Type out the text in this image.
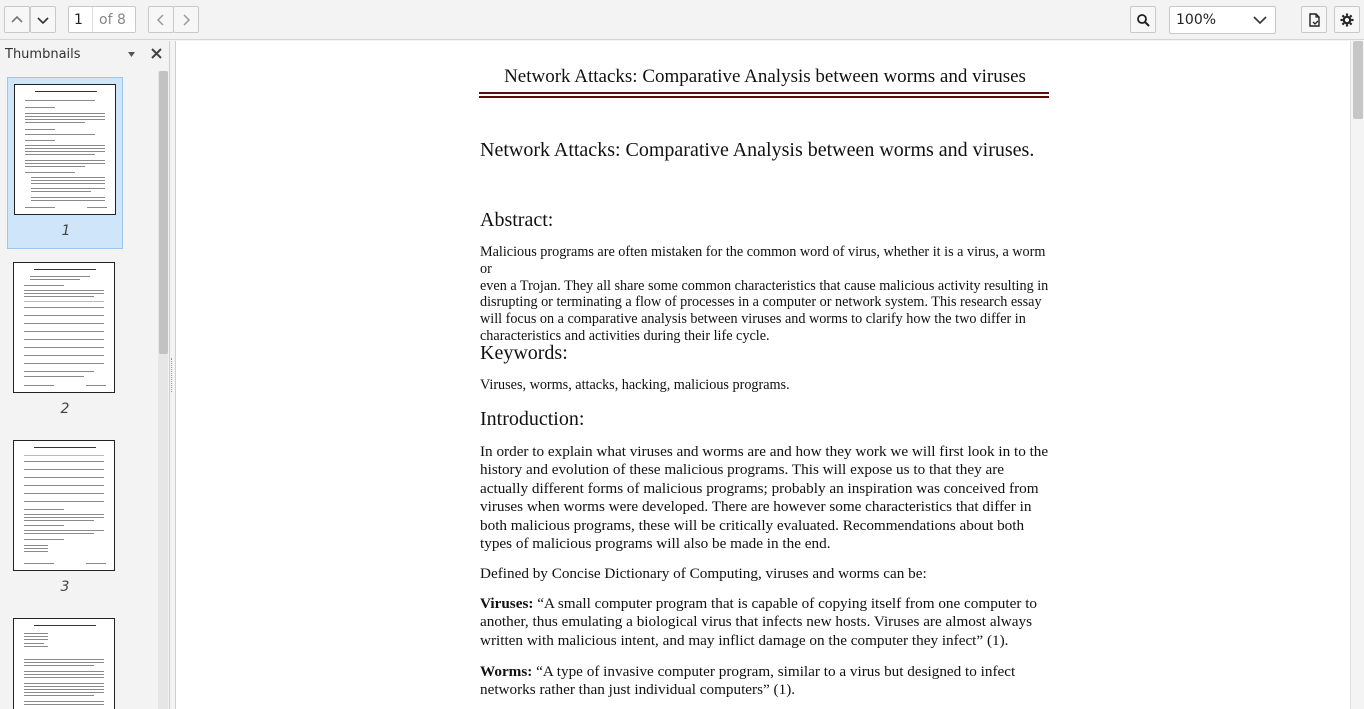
1	of 8	100%
Thumbnails
1
2
3
Network Attacks: Comparative Analysis between worms and viruses
Network Attacks: Comparative Analysis between worms and viruses.
Abstract:
Malicious programs are often mistaken for the common word of virus, whether it is a virus, a worm or
even a Trojan. They all share some common characteristics that cause malicious activity resulting in
disrupting or terminating a flow of processes in a computer or network system. This research essay
will focus on a comparative analysis between viruses and worms to clarify how the two differ in
characteristics and activities during their life cycle.
Keywords:
Viruses, worms, attacks, hacking, malicious programs.
Introduction:
In order to explain what viruses and worms are and how they work we will first look in to the
history and evolution of these malicious programs. This will expose us to that they are
actually different forms of malicious programs; probably an inspiration was conceived from
viruses when worms were developed. There are however some characteristics that differ in
both malicious programs, these will be critically evaluated. Recommendations about both
types of malicious programs will also be made in the end.
Defined by Concise Dictionary of Computing, viruses and worms can be:
Viruses: “A small computer program that is capable of copying itself from one computer to
another, thus emulating a biological virus that infects new hosts. Viruses are almost always
written with malicious intent, and may inflict damage on the computer they infect” (1).
Worms: “A type of invasive computer program, similar to a virus but designed to infect
networks rather than just individual computers” (1).
